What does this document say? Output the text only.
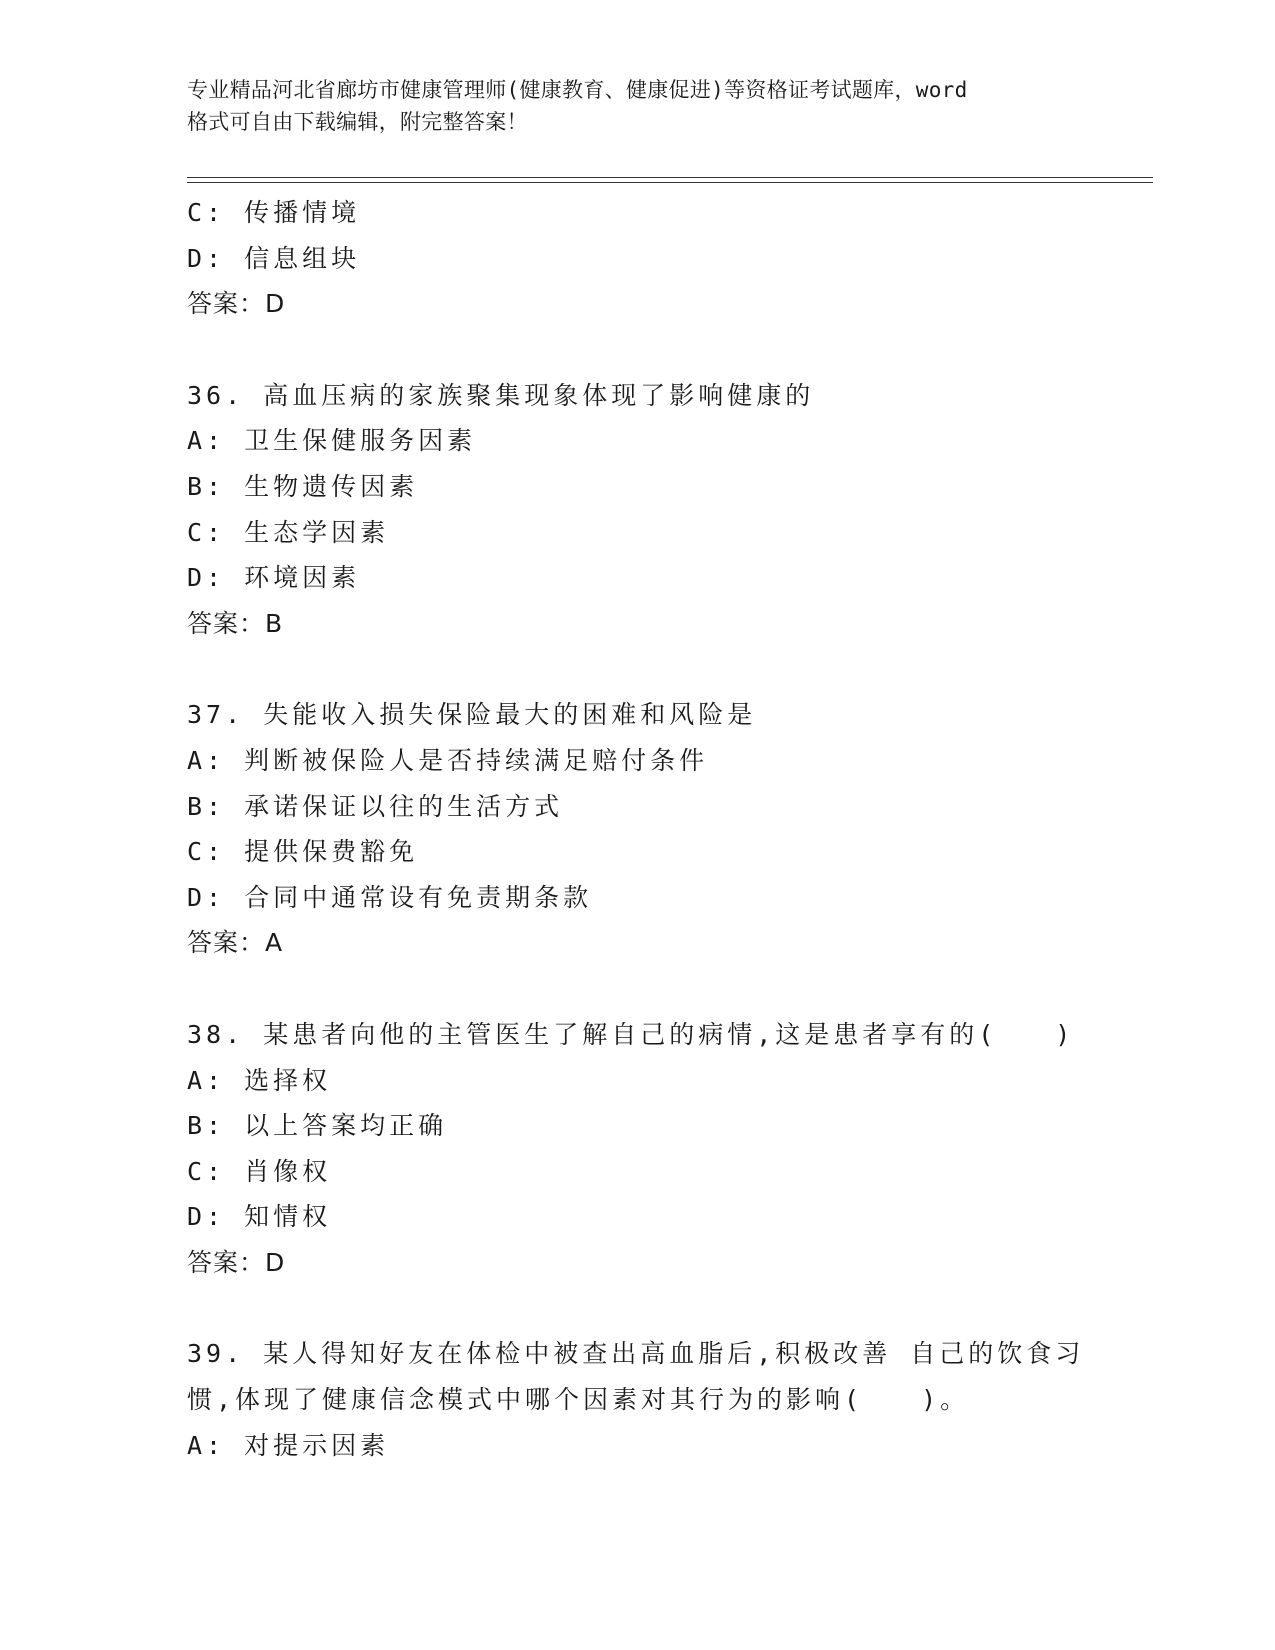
专业精品河北省廊坊市健康管理师(健康教育、健康促进)等资格证考试题库，word
格式可自由下载编辑，附完整答案！
C: 传播情境
D: 信息组块
答案：D
36. 高血压病的家族聚集现象体现了影响健康的
A: 卫生保健服务因素
B: 生物遗传因素
C: 生态学因素
D: 环境因素
答案：B
37. 失能收入损失保险最大的困难和风险是
A: 判断被保险人是否持续满足赔付条件
B: 承诺保证以往的生活方式
C: 提供保费豁免
D: 合同中通常设有免责期条款
答案：A
38. 某患者向他的主管医生了解自己的病情,这是患者享有的(　　)
A: 选择权
B: 以上答案均正确
C: 肖像权
D: 知情权
答案：D
39. 某人得知好友在体检中被查出高血脂后,积极改善 自己的饮食习
惯,体现了健康信念模式中哪个因素对其行为的影响(　　)。
A: 对提示因素
